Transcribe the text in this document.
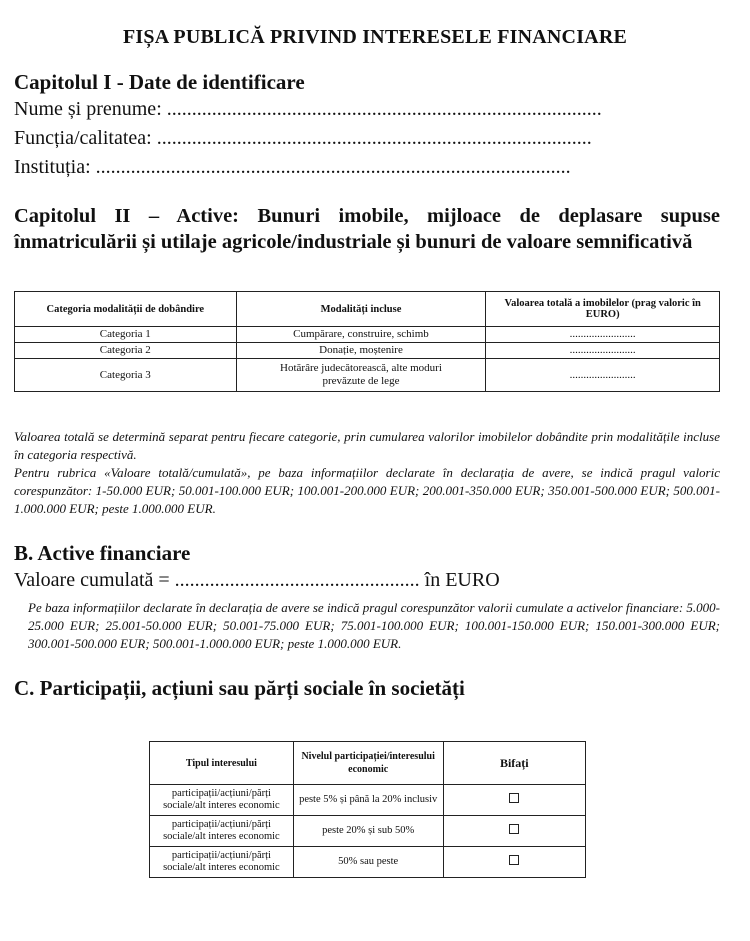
FIȘA PUBLICĂ PRIVIND INTERESELE FINANCIARE
Capitolul I - Date de identificare
Nume și prenume: .......................................................................................
Funcția/calitatea: .......................................................................................
Instituția: ...............................................................................................
Capitolul II – Active: Bunuri imobile, mijloace de deplasare supuse înmatriculării și utilaje agricole/industriale și bunuri de valoare semnificativă
Categoria modalității de dobândire	Modalități incluse	Valoarea totală a imobilelor (prag valoric în EURO)
Categoria 1	Cumpărare, construire, schimb	........................
Categoria 2	Donație, moștenire	........................
Categoria 3	Hotărâre judecătorească, alte moduri prevăzute de lege	........................
Valoarea totală se determină separat pentru fiecare categorie, prin cumularea valorilor imobilelor dobândite prin modalitățile incluse în categoria respectivă.
Pentru rubrica «Valoare totală/cumulată», pe baza informațiilor declarate în declarația de avere, se indică pragul valoric corespunzător: 1-50.000 EUR; 50.001-100.000 EUR; 100.001-200.000 EUR; 200.001-350.000 EUR; 350.001-500.000 EUR; 500.001-1.000.000 EUR; peste 1.000.000 EUR.
B. Active financiare
Valoare cumulată = ................................................. în EURO
Pe baza informațiilor declarate în declarația de avere se indică pragul corespunzător valorii cumulate a activelor financiare: 5.000-25.000 EUR; 25.001-50.000 EUR; 50.001-75.000 EUR; 75.001-100.000 EUR; 100.001-150.000 EUR; 150.001-300.000 EUR; 300.001-500.000 EUR; 500.001-1.000.000 EUR; peste 1.000.000 EUR.
C. Participații, acțiuni sau părți sociale în societăți
Tipul interesului	Nivelul participației/interesului economic	Bifați
participații/acțiuni/părți sociale/alt interes economic	peste 5% și până la 20% inclusiv	
participații/acțiuni/părți sociale/alt interes economic	peste 20% și sub 50%	
participații/acțiuni/părți sociale/alt interes economic	50% sau peste	
